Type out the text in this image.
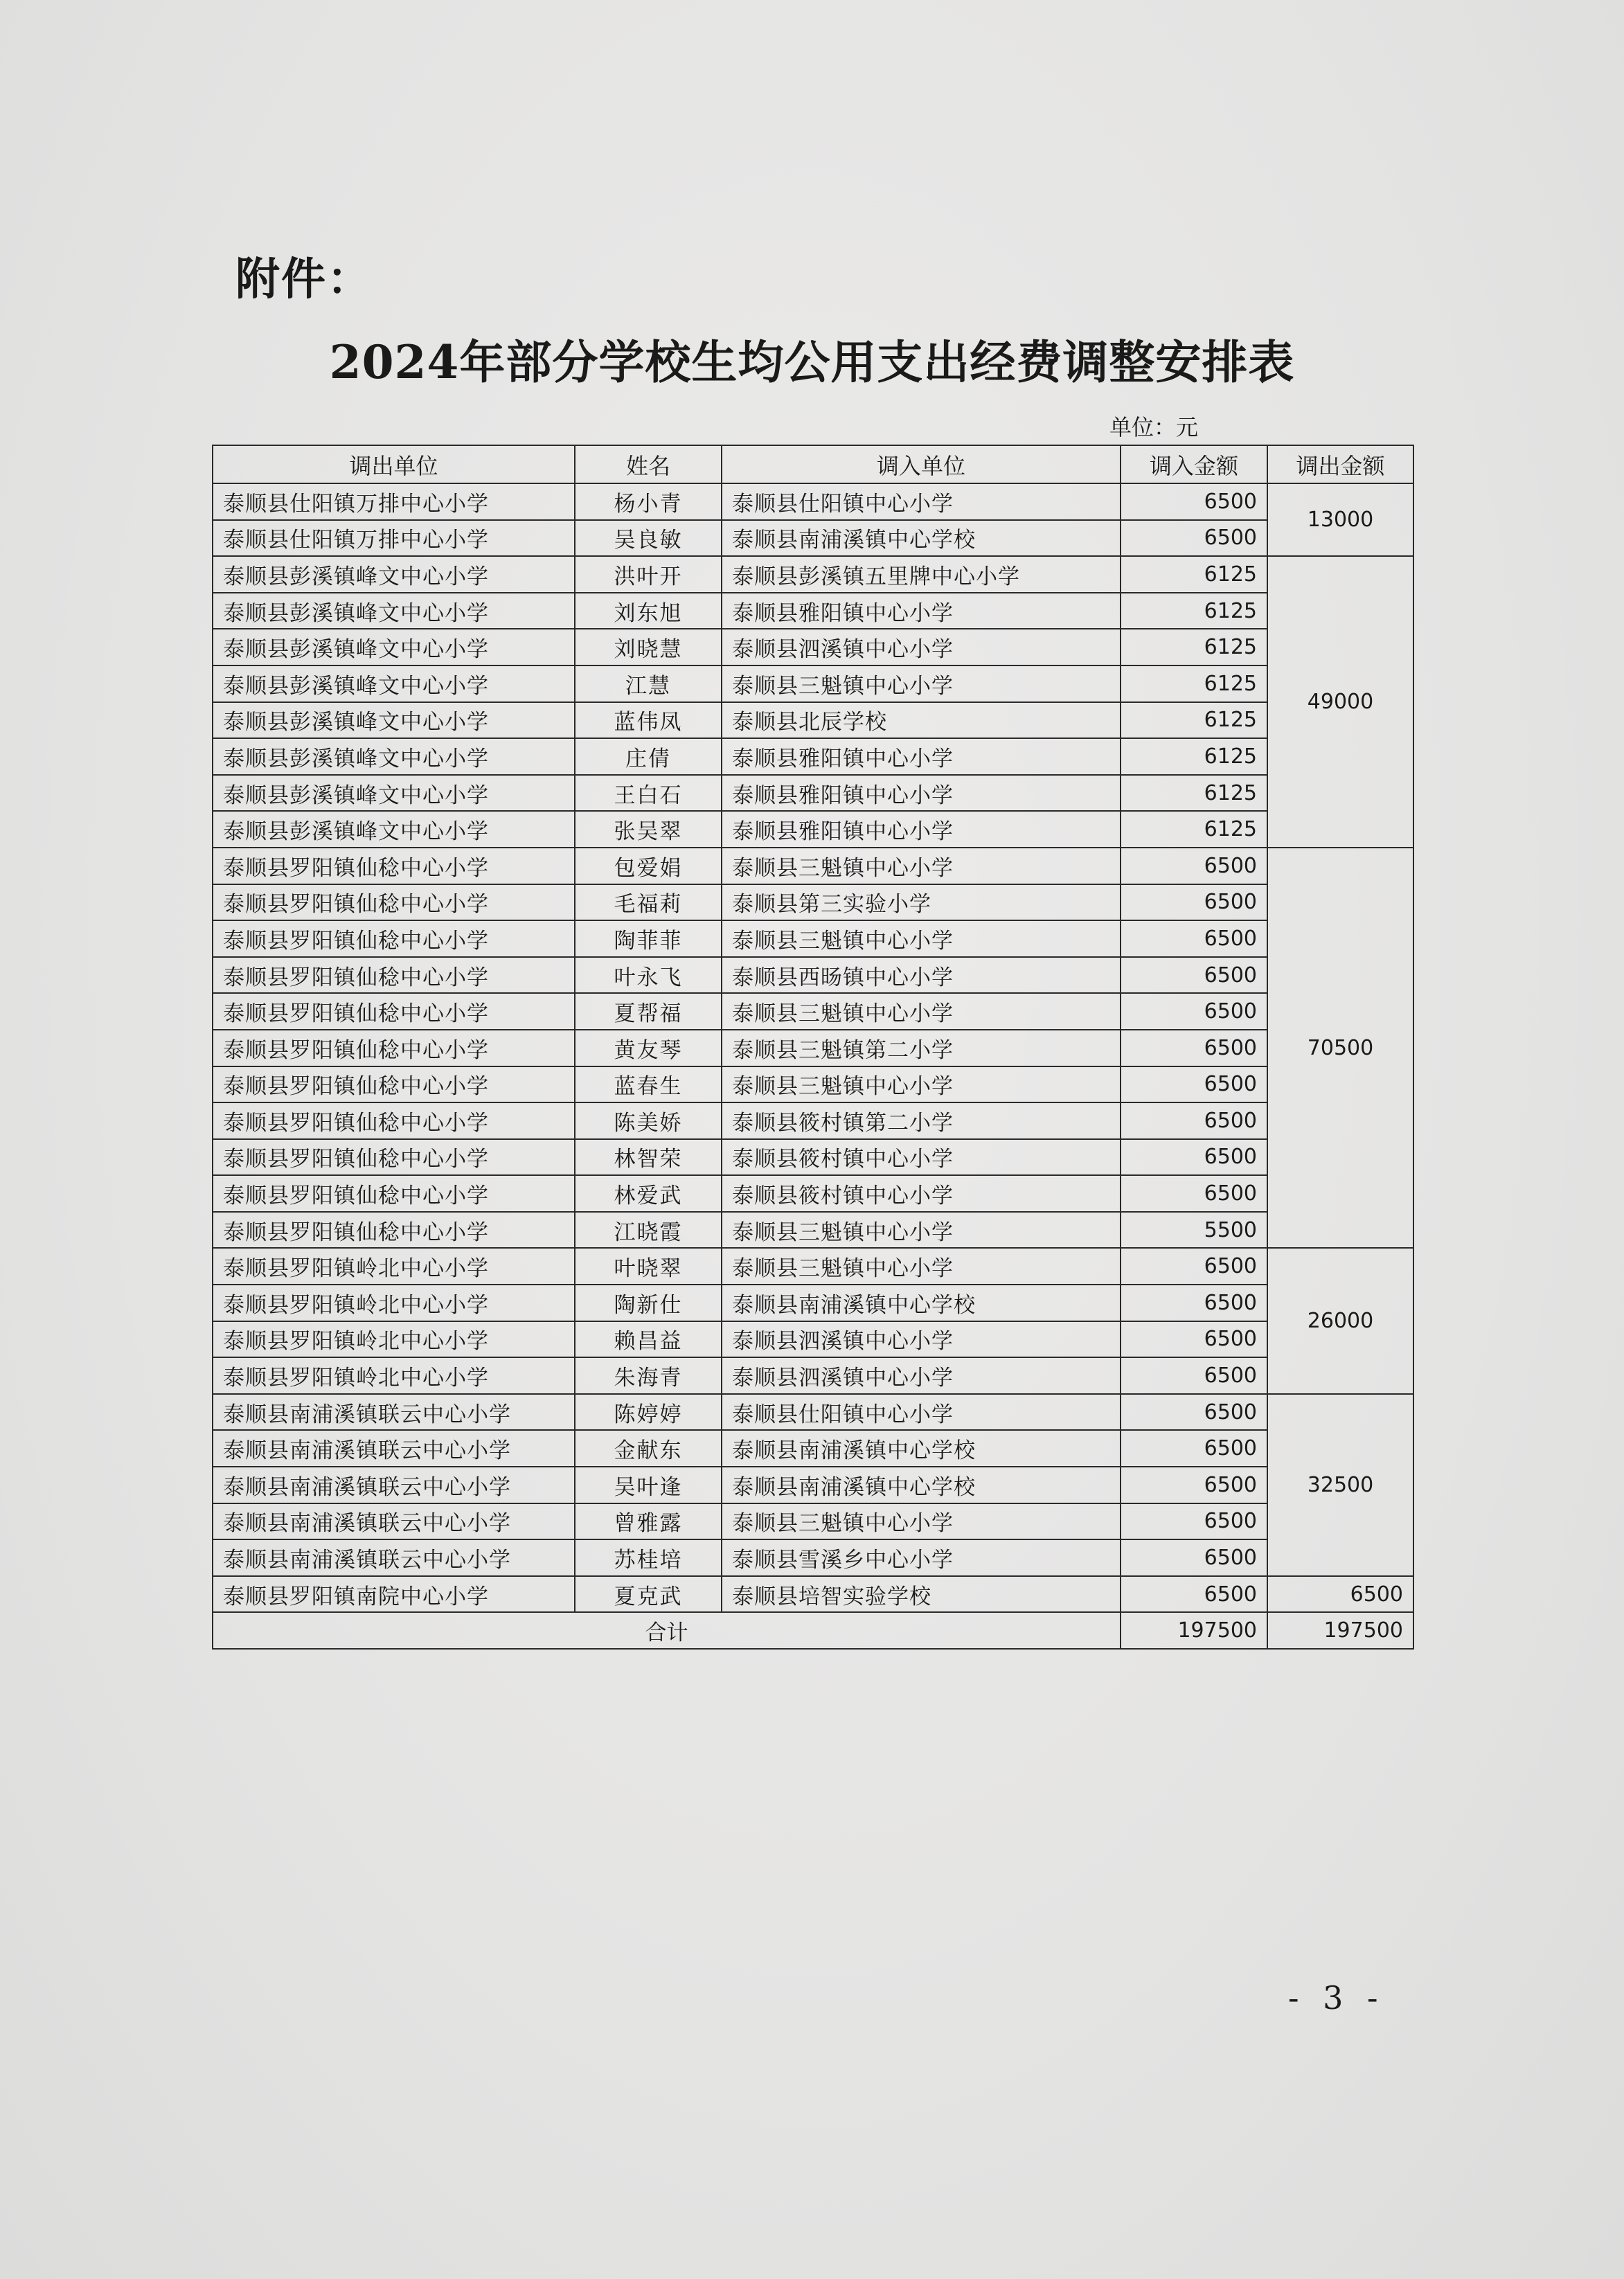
附件：
2024年部分学校生均公用支出经费调整安排表
单位：元
调出单位	姓名	调入单位	调入金额	调出金额
泰顺县仕阳镇万排中心小学	杨小青	泰顺县仕阳镇中心小学	6500	13000
泰顺县仕阳镇万排中心小学	吴良敏	泰顺县南浦溪镇中心学校	6500	
泰顺县彭溪镇峰文中心小学	洪叶开	泰顺县彭溪镇五里牌中心小学	6125	49000
泰顺县彭溪镇峰文中心小学	刘东旭	泰顺县雅阳镇中心小学	6125	
泰顺县彭溪镇峰文中心小学	刘晓慧	泰顺县泗溪镇中心小学	6125	
泰顺县彭溪镇峰文中心小学	江慧	泰顺县三魁镇中心小学	6125	
泰顺县彭溪镇峰文中心小学	蓝伟凤	泰顺县北辰学校	6125	
泰顺县彭溪镇峰文中心小学	庄倩	泰顺县雅阳镇中心小学	6125	
泰顺县彭溪镇峰文中心小学	王白石	泰顺县雅阳镇中心小学	6125	
泰顺县彭溪镇峰文中心小学	张吴翠	泰顺县雅阳镇中心小学	6125	
泰顺县罗阳镇仙稔中心小学	包爱娟	泰顺县三魁镇中心小学	6500	70500
泰顺县罗阳镇仙稔中心小学	毛福莉	泰顺县第三实验小学	6500	
泰顺县罗阳镇仙稔中心小学	陶菲菲	泰顺县三魁镇中心小学	6500	
泰顺县罗阳镇仙稔中心小学	叶永飞	泰顺县西旸镇中心小学	6500	
泰顺县罗阳镇仙稔中心小学	夏帮福	泰顺县三魁镇中心小学	6500	
泰顺县罗阳镇仙稔中心小学	黄友琴	泰顺县三魁镇第二小学	6500	
泰顺县罗阳镇仙稔中心小学	蓝春生	泰顺县三魁镇中心小学	6500	
泰顺县罗阳镇仙稔中心小学	陈美娇	泰顺县筱村镇第二小学	6500	
泰顺县罗阳镇仙稔中心小学	林智荣	泰顺县筱村镇中心小学	6500	
泰顺县罗阳镇仙稔中心小学	林爱武	泰顺县筱村镇中心小学	6500	
泰顺县罗阳镇仙稔中心小学	江晓霞	泰顺县三魁镇中心小学	5500	
泰顺县罗阳镇岭北中心小学	叶晓翠	泰顺县三魁镇中心小学	6500	26000
泰顺县罗阳镇岭北中心小学	陶新仕	泰顺县南浦溪镇中心学校	6500	
泰顺县罗阳镇岭北中心小学	赖昌益	泰顺县泗溪镇中心小学	6500	
泰顺县罗阳镇岭北中心小学	朱海青	泰顺县泗溪镇中心小学	6500	
泰顺县南浦溪镇联云中心小学	陈婷婷	泰顺县仕阳镇中心小学	6500	32500
泰顺县南浦溪镇联云中心小学	金献东	泰顺县南浦溪镇中心学校	6500	
泰顺县南浦溪镇联云中心小学	吴叶逢	泰顺县南浦溪镇中心学校	6500	
泰顺县南浦溪镇联云中心小学	曾雅露	泰顺县三魁镇中心小学	6500	
泰顺县南浦溪镇联云中心小学	苏桂培	泰顺县雪溪乡中心小学	6500	
泰顺县罗阳镇南院中心小学	夏克武	泰顺县培智实验学校	6500	6500
合计			197500	197500
- 3 -
